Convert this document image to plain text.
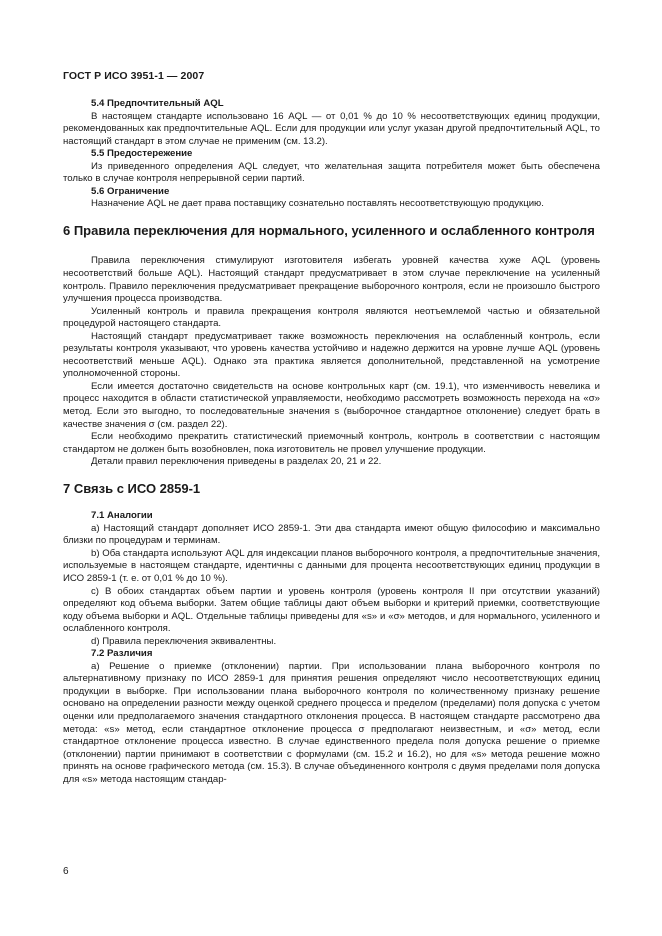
ГОСТ Р ИСО 3951-1 — 2007
5.4 Предпочтительный AQL

В настоящем стандарте использовано 16 AQL — от 0,01 % до 10 % несоответствующих единиц продукции, рекомендованных как предпочтительные AQL. Если для продукции или услуг указан другой предпочтительный AQL, то настоящий стандарт в этом случае не применим (см. 13.2).

5.5 Предостережение

Из приведенного определения AQL следует, что желательная защита потребителя может быть обеспечена только в случае контроля непрерывной серии партий.

5.6 Ограничение

Назначение AQL не дает права поставщику сознательно поставлять несоответствующую продукцию.

6 Правила переключения для нормального, усиленного и ослабленного контроля

Правила переключения стимулируют изготовителя избегать уровней качества хуже AQL (уровень несоответствий больше AQL). Настоящий стандарт предусматривает в этом случае переключение на усиленный контроль. Правило переключения предусматривает прекращение выборочного контроля, если не произошло быстрого улучшения процесса производства.

Усиленный контроль и правила прекращения контроля являются неотъемлемой частью и обязательной процедурой настоящего стандарта.

Настоящий стандарт предусматривает также возможность переключения на ослабленный контроль, если результаты контроля указывают, что уровень качества устойчиво и надежно держится на уровне лучше AQL (уровень несоответствий меньше AQL). Однако эта практика является дополнительной, представленной на усмотрение уполномоченной стороны.

Если имеется достаточно свидетельств на основе контрольных карт (см. 19.1), что изменчивость невелика и процесс находится в области статистической управляемости, необходимо рассмотреть возможность перехода на «σ» метод. Если это выгодно, то последовательные значения s (выборочное стандартное отклонение) следует брать в качестве значения σ (см. раздел 22).

Если необходимо прекратить статистический приемочный контроль, контроль в соответствии с настоящим стандартом не должен быть возобновлен, пока изготовитель не провел улучшение продукции.

Детали правил переключения приведены в разделах 20, 21 и 22.

7 Связь с ИСО 2859-1
7.1 Аналогии

а) Настоящий стандарт дополняет ИСО 2859-1. Эти два стандарта имеют общую философию и максимально близки по процедурам и терминам.

b) Оба стандарта используют AQL для индексации планов выборочного контроля, а предпочтительные значения, используемые в настоящем стандарте, идентичны с данными для процента несоответствующих единиц продукции в ИСО 2859-1 (т. е. от 0,01 % до 10 %).

с) В обоих стандартах объем партии и уровень контроля (уровень контроля II при отсутствии указаний) определяют код объема выборки. Затем общие таблицы дают объем выборки и критерий приемки, соответствующие коду объема выборки и AQL. Отдельные таблицы приведены для «s» и «σ» методов, и для нормального, усиленного и ослабленного контроля.

d) Правила переключения эквивалентны.

7.2 Различия

а) Решение о приемке (отклонении) партии. При использовании плана выборочного контроля по альтернативному признаку по ИСО 2859-1 для принятия решения определяют число несоответствующих единиц продукции в выборке. При использовании плана выборочного контроля по количественному признаку решение основано на определении разности между оценкой среднего процесса и пределом (пределами) поля допуска с учетом оценки или предполагаемого значения стандартного отклонения процесса. В настоящем стандарте рассмотрено два метода: «s» метод, если стандартное отклонение процесса σ предполагают неизвестным, и «σ» метод, если стандартное отклонение процесса известно. В случае единственного предела поля допуска решение о приемке (отклонении) партии принимают в соответствии с формулами (см. 15.2 и 16.2), но для «s» метода решение можно принять на основе графического метода (см. 15.3). В случае объединенного контроля с двумя пределами поля допуска для «s» метода настоящим стандар-

6
